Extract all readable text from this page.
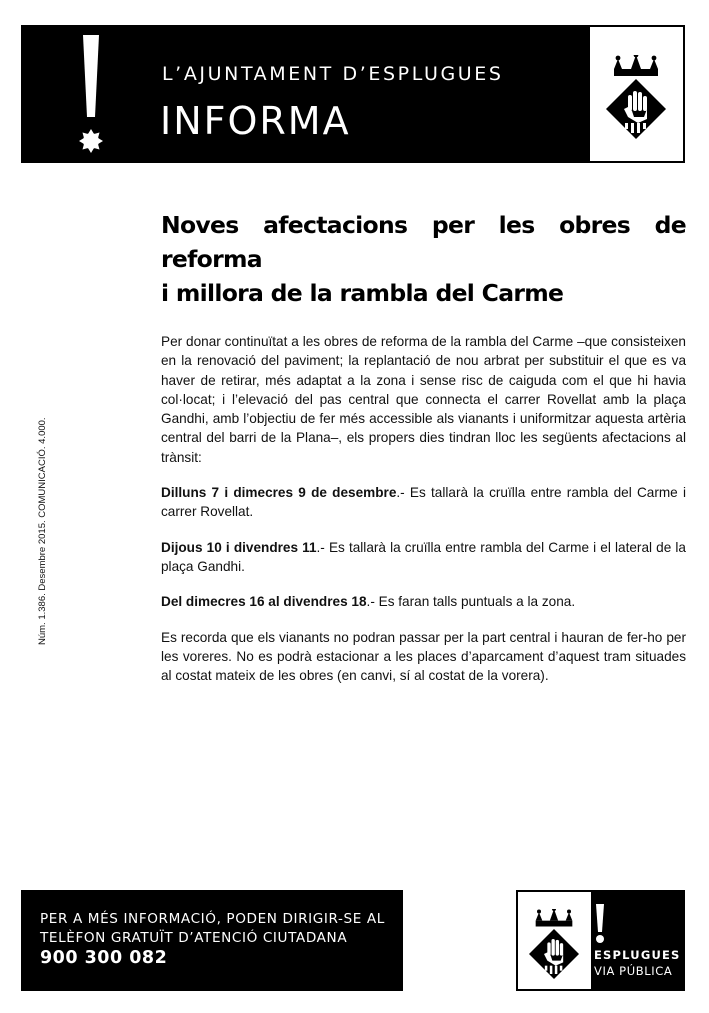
L’AJUNTAMENT D’ESPLUGUES
INFORMA
Núm. 1.386. Desembre 2015. COMUNICACIÓ. 4.000.
Noves afectacions per les obres de reforma
i millora de la rambla del Carme

Per donar continuïtat a les obres de reforma de la rambla del Carme –que consisteixen en la renovació del paviment; la replantació de nou arbrat per substituir el que es va haver de retirar, més adaptat a la zona i sense risc de caiguda com el que hi havia col·locat; i l’elevació del pas central que connecta el carrer Rovellat amb la plaça Gandhi, amb l’objectiu de fer més accessible als vianants i uniformitzar aquesta artèria central del barri de la Plana–, els propers dies tindran lloc les següents afectacions al trànsit:

Dilluns 7 i dimecres 9 de desembre.- Es tallarà la cruïlla entre rambla del Carme i carrer Rovellat.

Dijous 10 i divendres 11.- Es tallarà la cruïlla entre rambla del Carme i el lateral de la plaça Gandhi.

Del dimecres 16 al divendres 18.- Es faran talls puntuals a la zona.

Es recorda que els vianants no podran passar per la part central i hauran de fer-ho per les voreres. No es podrà estacionar a les places d’aparcament d’aquest tram situades al costat mateix de les obres (en canvi, sí al costat de la vorera).

PER A MÉS INFORMACIÓ, PODEN DIRIGIR-SE AL
TELÈFON GRATUÏT D’ATENCIÓ CIUTADANA
900 300 082	ESPLUGUES
VIA PÚBLICA
